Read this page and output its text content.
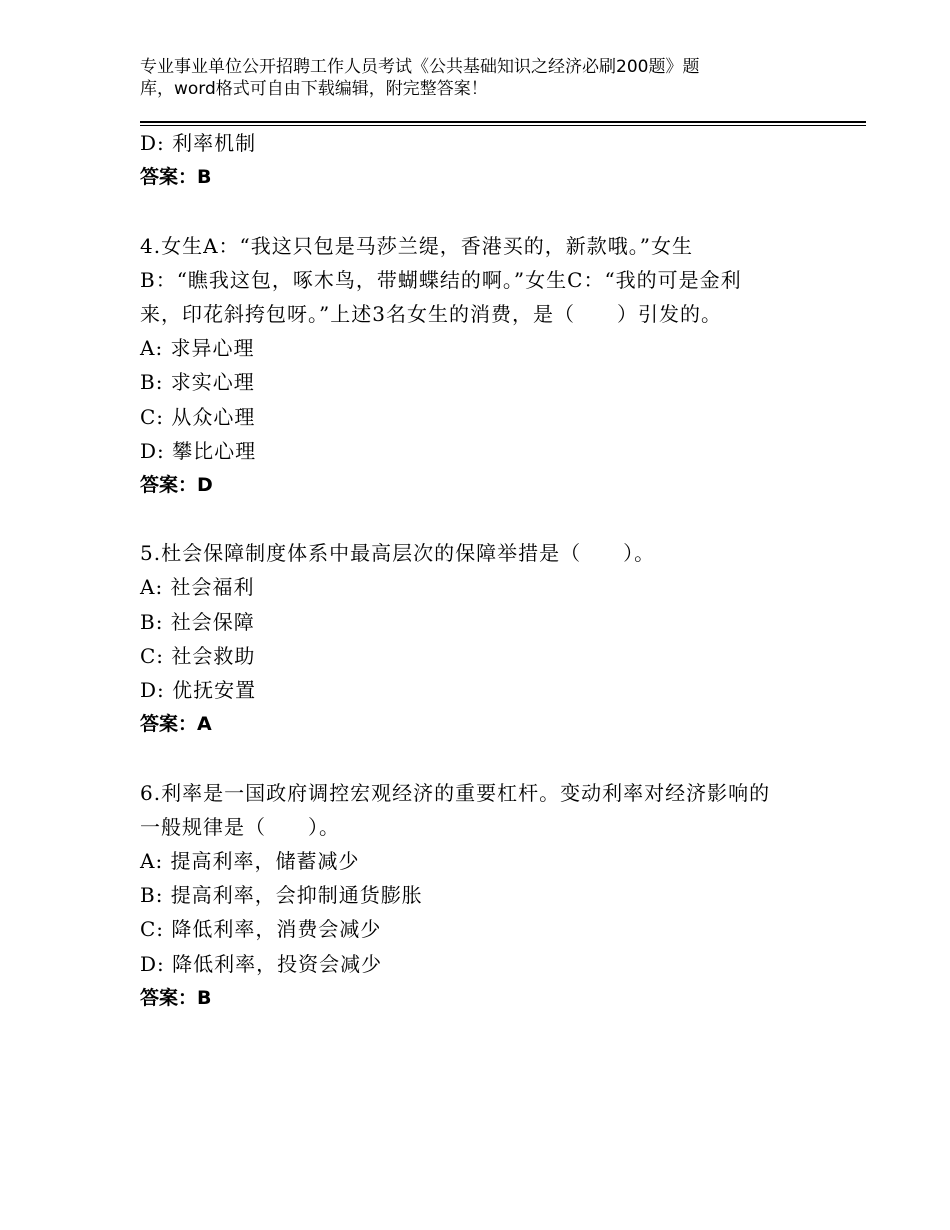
专业事业单位公开招聘工作人员考试《公共基础知识之经济必刷200题》题
库，word格式可自由下载编辑，附完整答案！
D: 利率机制
答案：B
4.女生A：“我这只包是马莎兰缇，香港买的，新款哦。”女生
B：“瞧我这包，啄木鸟，带蝴蝶结的啊。”女生C：“我的可是金利
来，印花斜挎包呀。”上述3名女生的消费，是（　　）引发的。
A: 求异心理
B: 求实心理
C: 从众心理
D: 攀比心理
答案：D
5.杜会保障制度体系中最高层次的保障举措是（　　）。
A: 社会福利
B: 社会保障
C: 社会救助
D: 优抚安置
答案：A
6.利率是一国政府调控宏观经济的重要杠杆。变动利率对经济影响的
一般规律是（　　）。
A: 提高利率，储蓄减少
B: 提高利率，会抑制通货膨胀
C: 降低利率，消费会减少
D: 降低利率，投资会减少
答案：B
